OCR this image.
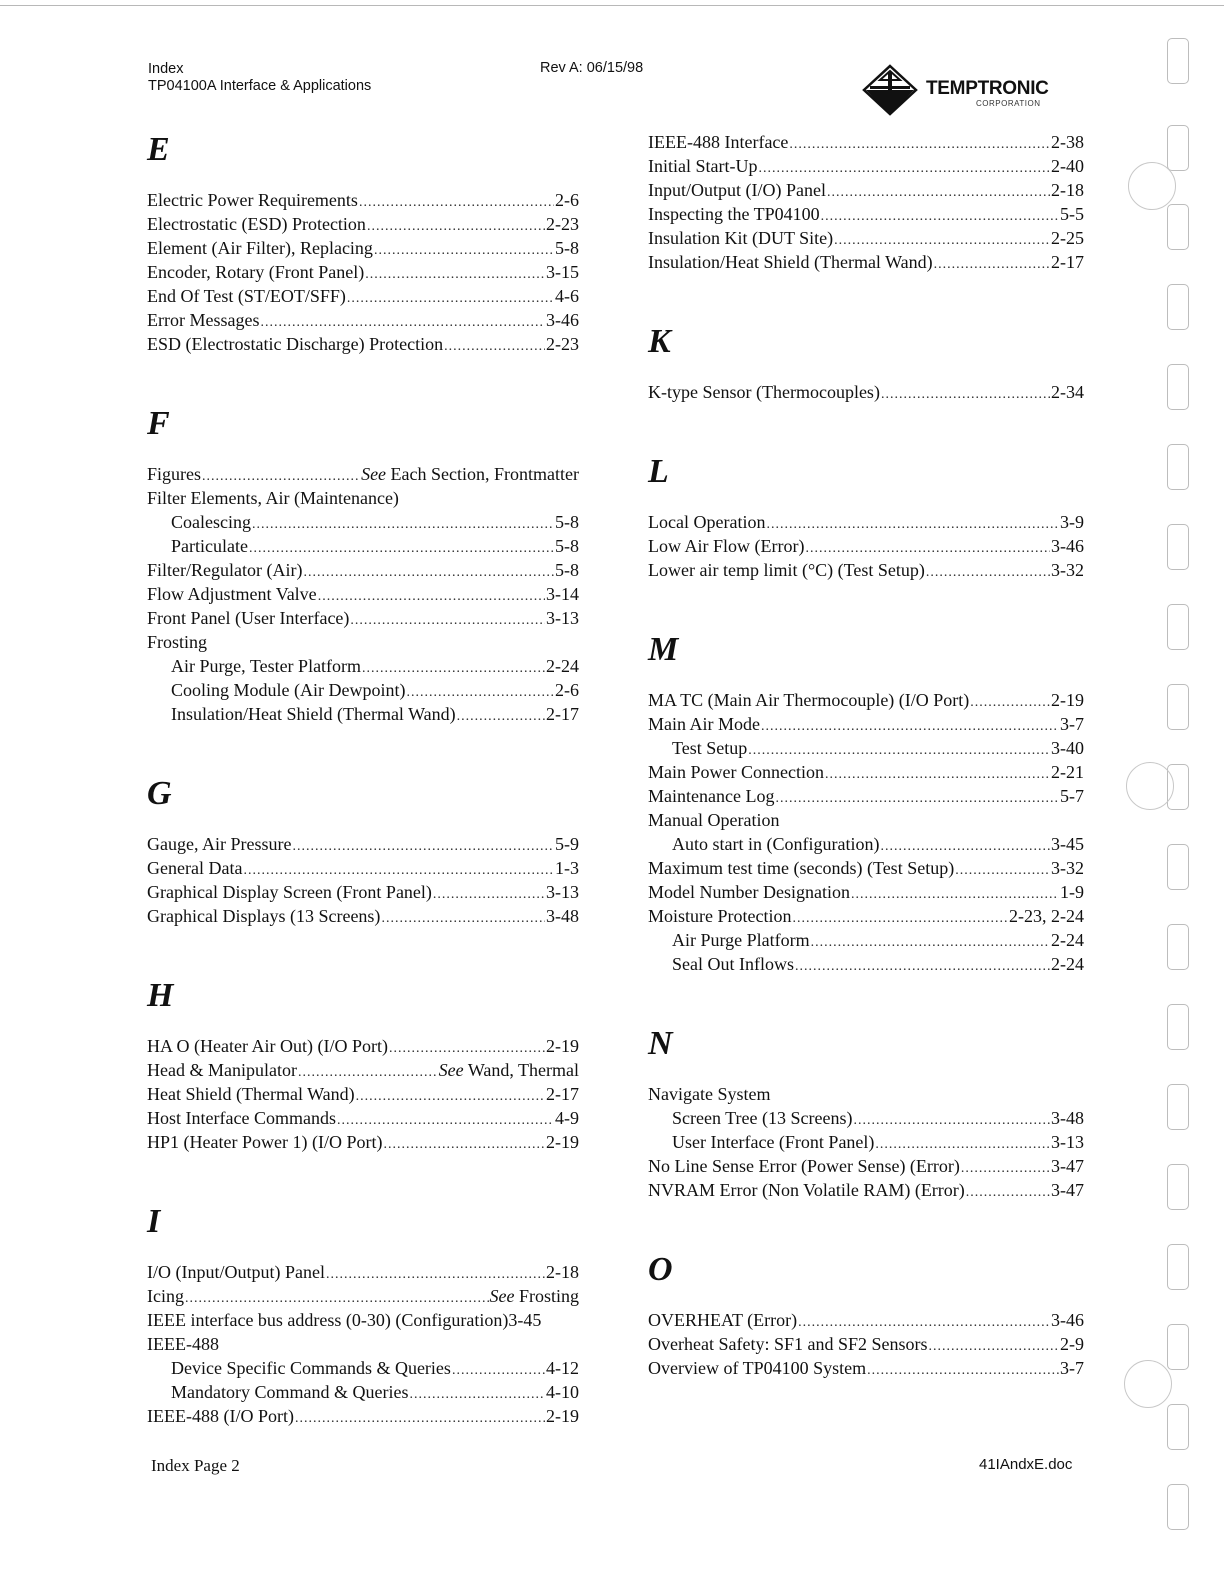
Index
TP04100A Interface & Applications
Rev A: 06/15/98
TEMPTRONIC
CORPORATION
E
Electric Power Requirements .....	2-6
Electrostatic (ESD) Protection .....	2-23
Element (Air Filter), Replacing .....	5-8
Encoder, Rotary (Front Panel) .....	3-15
End Of Test (ST/EOT/SFF) .....	4-6
Error Messages .....	3-46
ESD (Electrostatic Discharge) Protection .....	2-23
F
Figures .....	See Each Section, Frontmatter
Filter Elements, Air (Maintenance)
Coalescing .....	5-8
Particulate .....	5-8
Filter/Regulator (Air) .....	5-8
Flow Adjustment Valve .....	3-14
Front Panel (User Interface) .....	3-13
Frosting
Air Purge, Tester Platform .....	2-24
Cooling Module (Air Dewpoint) .....	2-6
Insulation/Heat Shield (Thermal Wand) .....	2-17
G
Gauge, Air Pressure .....	5-9
General Data .....	1-3
Graphical Display Screen (Front Panel) .....	3-13
Graphical Displays (13 Screens) .....	3-48
H
HA O (Heater Air Out) (I/O Port) .....	2-19
Head & Manipulator .....	See Wand, Thermal
Heat Shield (Thermal Wand) .....	2-17
Host Interface Commands .....	4-9
HP1 (Heater Power 1) (I/O Port) .....	2-19
I
I/O (Input/Output) Panel .....	2-18
Icing .....	See Frosting
IEEE interface bus address (0-30) (Configuration)3-45
IEEE-488
Device Specific Commands & Queries .....	4-12
Mandatory Command & Queries .....	4-10
IEEE-488 (I/O Port) .....	2-19
IEEE-488 Interface .....	2-38
Initial Start-Up .....	2-40
Input/Output (I/O) Panel .....	2-18
Inspecting the TP04100 .....	5-5
Insulation Kit (DUT Site) .....	2-25
Insulation/Heat Shield (Thermal Wand) .....	2-17
K
K-type Sensor (Thermocouples) .....	2-34
L
Local Operation .....	3-9
Low Air Flow (Error) .....	3-46
Lower air temp limit (°C) (Test Setup) .....	3-32
M
MA TC (Main Air Thermocouple) (I/O Port) .....	2-19
Main Air Mode .....	3-7
Test Setup .....	3-40
Main Power Connection .....	2-21
Maintenance Log .....	5-7
Manual Operation
Auto start in (Configuration) .....	3-45
Maximum test time (seconds) (Test Setup) .....	3-32
Model Number Designation .....	1-9
Moisture Protection .....	2-23, 2-24
Air Purge Platform .....	2-24
Seal Out Inflows .....	2-24
N
Navigate System
Screen Tree (13 Screens) .....	3-48
User Interface (Front Panel) .....	3-13
No Line Sense Error (Power Sense) (Error) .....	3-47
NVRAM Error (Non Volatile RAM) (Error) .....	3-47
O
OVERHEAT (Error) .....	3-46
Overheat Safety: SF1 and SF2 Sensors .....	2-9
Overview of TP04100 System .....	3-7
Index Page 2	41IAndxE.doc
